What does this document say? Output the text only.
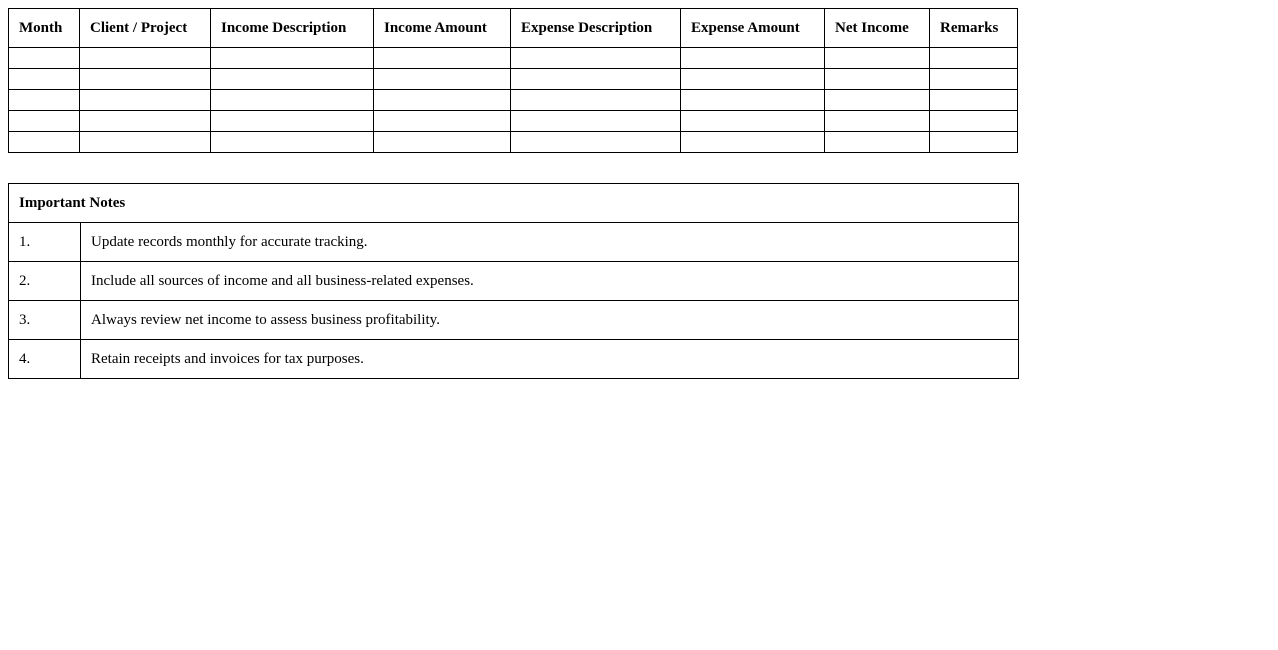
Month	Client / Project	Income Description	Income Amount	Expense Description	Expense Amount	Net Income	Remarks

Important Notes	
1.	Update records monthly for accurate tracking.
2.	Include all sources of income and all business-related expenses.
3.	Always review net income to assess business profitability.
4.	Retain receipts and invoices for tax purposes.
